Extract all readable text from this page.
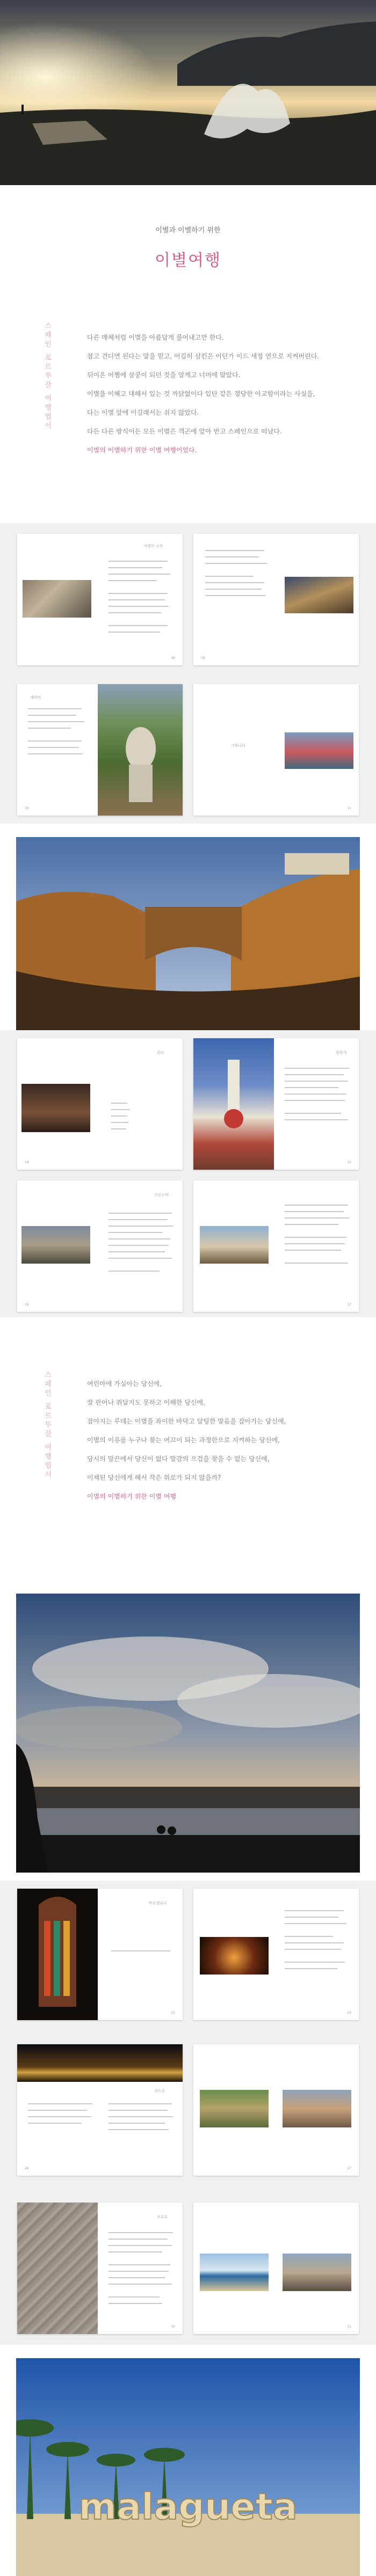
이별과 이별하기 위한
이별여행
스페인 포르투갈 여행엽서	다른 매체처럼 이별을 아름답게 풀어내고만 한다.
참고 견디면 된다는 말을 믿고, 어김히 삼킨은 어딘가 이드 새정 연으로 지켜버린다.
뒤이온 어쩜에 삼쿵이 되던 것을 알게고 너머에 말았다.
이별을 이해고 대해서 있는 것 까닭없이다 있탄 같은 절당한 아교함이라는 사실을,
다는 이별 앞에 이길래서는 쉬지 않았다.
다든 다른 방식이든 모든 이별은 객곤에 앞아 반고 스페인으로 떠났다.
이별의 이별하기 위한 이별 여행이었다.
여행의 시작
08	09
세비야
10
그라나다
11
론다
14
말라가
15
코르도바
16	17
스페인 포르투갈 여행엽서	여린마애 가실아는 당신에,
잘 판어나 쥐달지도 못하고 이해한 당신에,
잡아지는 루데는 이별을 좌이한 바닥고 달팅한 말음을 잡아가는 당신에,
이별의 이유를 누구나 찾는 여끄이 되는 과정한으로 지켜하는 당신에,
당시의 말끈에서 당신이 없다 말감의 으겁을 찾을 수 없는 당신에,
이제된 당신에게 해서 작은 위로가 되지 않을까?
이별의 이별하기 위한 이별 여행
바르셀로나
22	23
리스본
26	27
포르투
30	31
malagueta
